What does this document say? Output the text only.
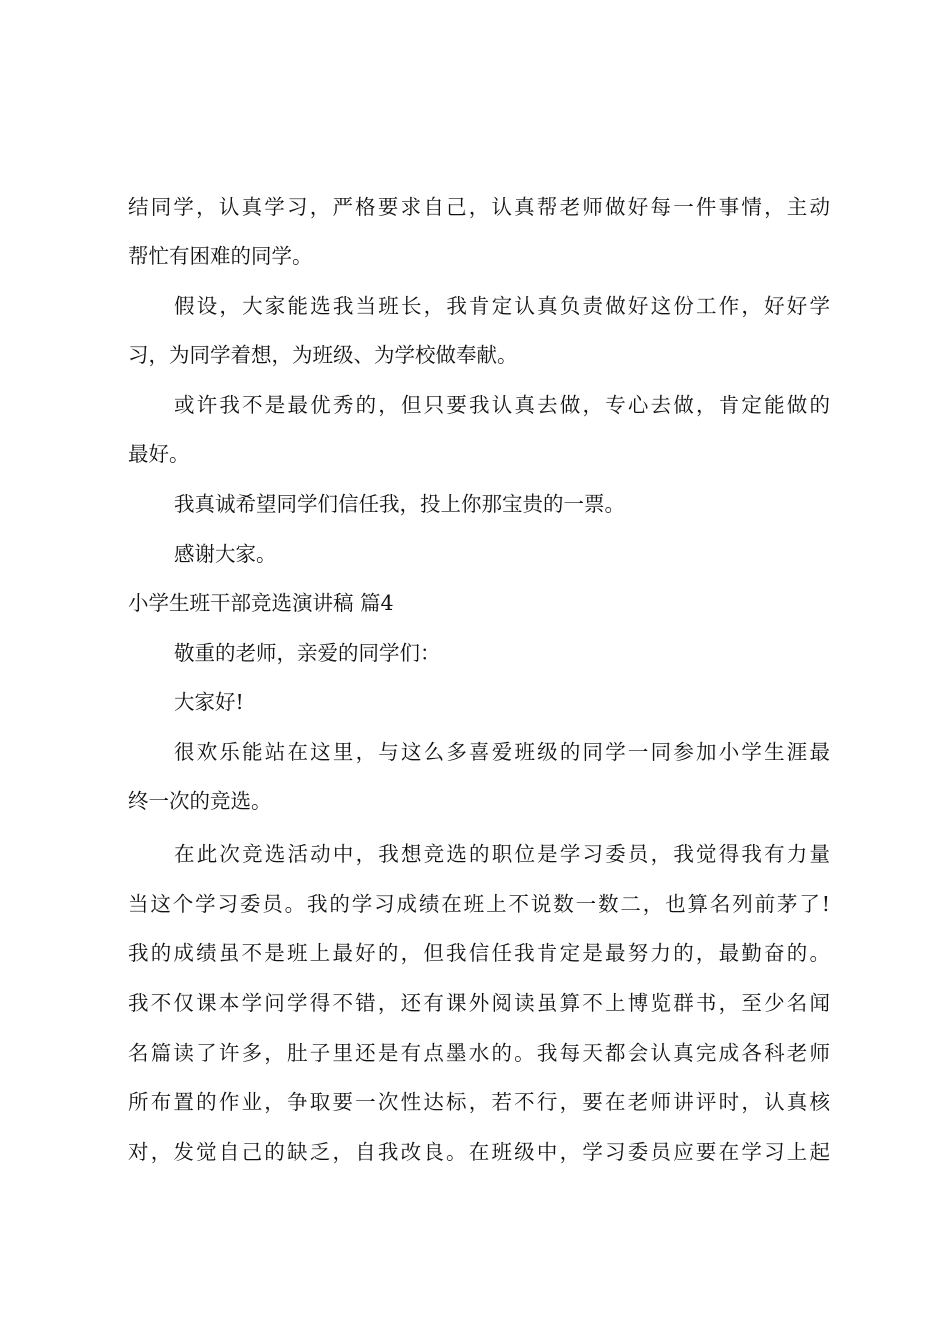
结同学，认真学习，严格要求自己，认真帮老师做好每一件事情，主动
帮忙有困难的同学。
假设，大家能选我当班长，我肯定认真负责做好这份工作，好好学
习，为同学着想，为班级、为学校做奉献。
或许我不是最优秀的，但只要我认真去做，专心去做，肯定能做的
最好。
我真诚希望同学们信任我，投上你那宝贵的一票。
感谢大家。
小学生班干部竞选演讲稿 篇4
敬重的老师，亲爱的同学们：
大家好!
很欢乐能站在这里，与这么多喜爱班级的同学一同参加小学生涯最
终一次的竞选。
在此次竞选活动中，我想竞选的职位是学习委员，我觉得我有力量
当这个学习委员。我的学习成绩在班上不说数一数二，也算名列前茅了!
我的成绩虽不是班上最好的，但我信任我肯定是最努力的，最勤奋的。
我不仅课本学问学得不错，还有课外阅读虽算不上博览群书，至少名闻
名篇读了许多，肚子里还是有点墨水的。我每天都会认真完成各科老师
所布置的作业，争取要一次性达标，若不行，要在老师讲评时，认真核
对，发觉自己的缺乏，自我改良。在班级中，学习委员应要在学习上起
